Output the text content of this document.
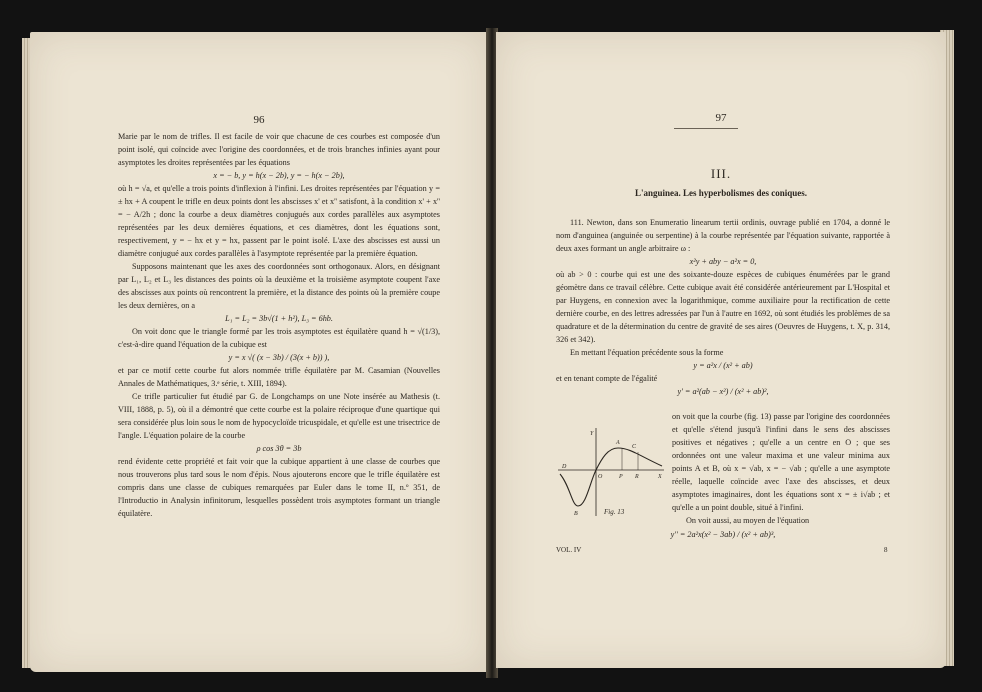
96

Marie par le nom de trifles. Il est facile de voir que chacune de ces courbes est composée d'un point isolé, qui coïncide avec l'origine des coordonnées, et de trois branches infinies ayant pour asymptotes les droites représentées par les équations

x = − b, y = h(x − 2b), y = − h(x − 2b),

où h = √a, et qu'elle a trois points d'inflexion à l'infini. Les droites représentées par l'équation y = ± hx + A coupent le trifle en deux points dont les abscisses x' et x'' satisfont, à la condition x' + x'' = − A/2h ; donc la courbe a deux diamètres conjugués aux cordes parallèles aux asymptotes représentées par les deux dernières équations, et ces diamètres, dont les équations sont, respectivement, y = − hx et y = hx, passent par le point isolé. L'axe des abscisses est aussi un diamètre conjugué aux cordes parallèles à l'asymptote représentée par la première équation.

Supposons maintenant que les axes des coordonnées sont orthogonaux. Alors, en désignant par L₁, L₂ et L₃ les distances des points où la deuxième et la troisième asymptote coupent l'axe des abscisses aux points où rencontrent la première, et la distance des points où la première coupe les deux dernières, on a

L₁ = L₂ = 3b√(1 + h²), L₃ = 6hb.

On voit donc que le triangle formé par les trois asymptotes est équilatère quand h = √(1/3), c'est-à-dire quand l'équation de la cubique est

y = x √( (x − 3b) / (3(x + b)) ),

et par ce motif cette courbe fut alors nommée trifle équilatère par M. Casamian (Nouvelles Annales de Mathématiques, 3.ᵉ série, t. XIII, 1894).

Ce trifle particulier fut étudié par G. de Longchamps on une Note insérée au Mathesis (t. VIII, 1888, p. 5), où il a démontré que cette courbe est la polaire réciproque d'une quartique qui sera considérée plus loin sous le nom de hypocycloïde tricuspidale, et qu'elle est une trisectrice de l'angle. L'équation polaire de la courbe

ρ cos 3θ = 3b

rend évidente cette propriété et fait voir que la cubique appartient à une classe de courbes que nous trouverons plus tard sous le nom d'épis. Nous ajouterons encore que le trifle équilatère est compris dans une classe de cubiques remarquées par Euler dans le tome II, n.º 351, de l'Introductio in Analysin infinitorum, lesquelles possèdent trois asymptotes formant un triangle équilatère.

97
III.
L'anguinea. Les hyperbolismes des coniques.

111. Newton, dans son Enumeratio linearum tertii ordinis, ouvrage publié en 1704, a donné le nom d'anguinea (anguinée ou serpentine) à la courbe représentée par l'équation suivante, rapportée à deux axes formant un angle arbitraire ω :

x²y + aby − a²x = 0,

où ab > 0 : courbe qui est une des soixante-douze espèces de cubiques énumérées par le grand géomètre dans ce travail célèbre. Cette cubique avait été considérée antérieurement par L'Hospital et par Huygens, en connexion avec la logarithmique, comme auxiliaire pour la rectification de cette dernière courbe, en des lettres adressées par l'un à l'autre en 1692, où sont étudiés les problèmes de sa quadrature et de la détermination du centre de gravité de ses aires (Oeuvres de Huygens, t. X, p. 314, 326 et 342).

En mettant l'équation précédente sous la forme

y = a²x / (x² + ab)

et en tenant compte de l'égalité

y' = a²(ab − x²) / (x² + ab)²,

Y
C
A
O	P R	X
B
D
Fig. 13

on voit que la courbe (fig. 13) passe par l'origine des coordonnées et qu'elle s'étend jusqu'à l'infini dans le sens des abscisses positives et négatives ; qu'elle a un centre en O ; que ses ordonnées ont une valeur maxima et une valeur minima aux points A et B, où x = √ab, x = − √ab ; qu'elle a une asymptote réelle, laquelle coïncide avec l'axe des abscisses, et deux asymptotes imaginaires, dont les équations sont x = ± i√ab ; et qu'elle a un point double, situé à l'infini.

On voit aussi, au moyen de l'équation

y'' = 2a²x(x² − 3ab) / (x² + ab)³,

VOL. IV	8
